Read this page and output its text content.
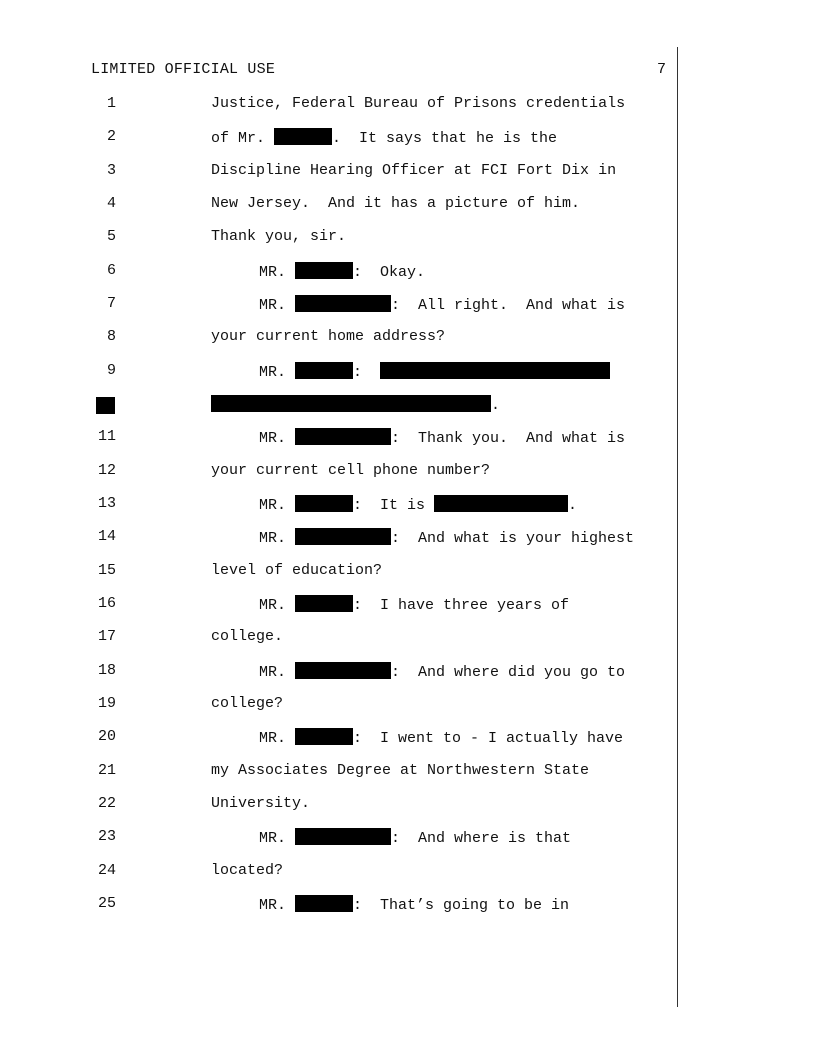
LIMITED OFFICIAL USE	7

1

	Justice, Federal Bureau of Prisons credentials

2

	of Mr.	.  It says that he is the

3

	Discipline Hearing Officer at FCI Fort Dix in

4

	New Jersey.  And it has a picture of him.

5

	Thank you, sir.

6

	MR.	:  Okay.

7

	MR.	:  All right.  And what is

8

	your current home address?

9

	MR.	:

.

11

	MR.	:  Thank you.  And what is

12

	your current cell phone number?

13

	MR.	:  It is	.

14

	MR.	:  And what is your highest

15

	level of education?

16

	MR.	:  I have three years of

17

	college.

18

	MR.	:  And where did you go to

19

	college?

20

	MR.	:  I went to - I actually have

21

	my Associates Degree at Northwestern State

22

	University.

23

	MR.	:  And where is that

24

	located?

25

	MR.	:  That’s going to be in
